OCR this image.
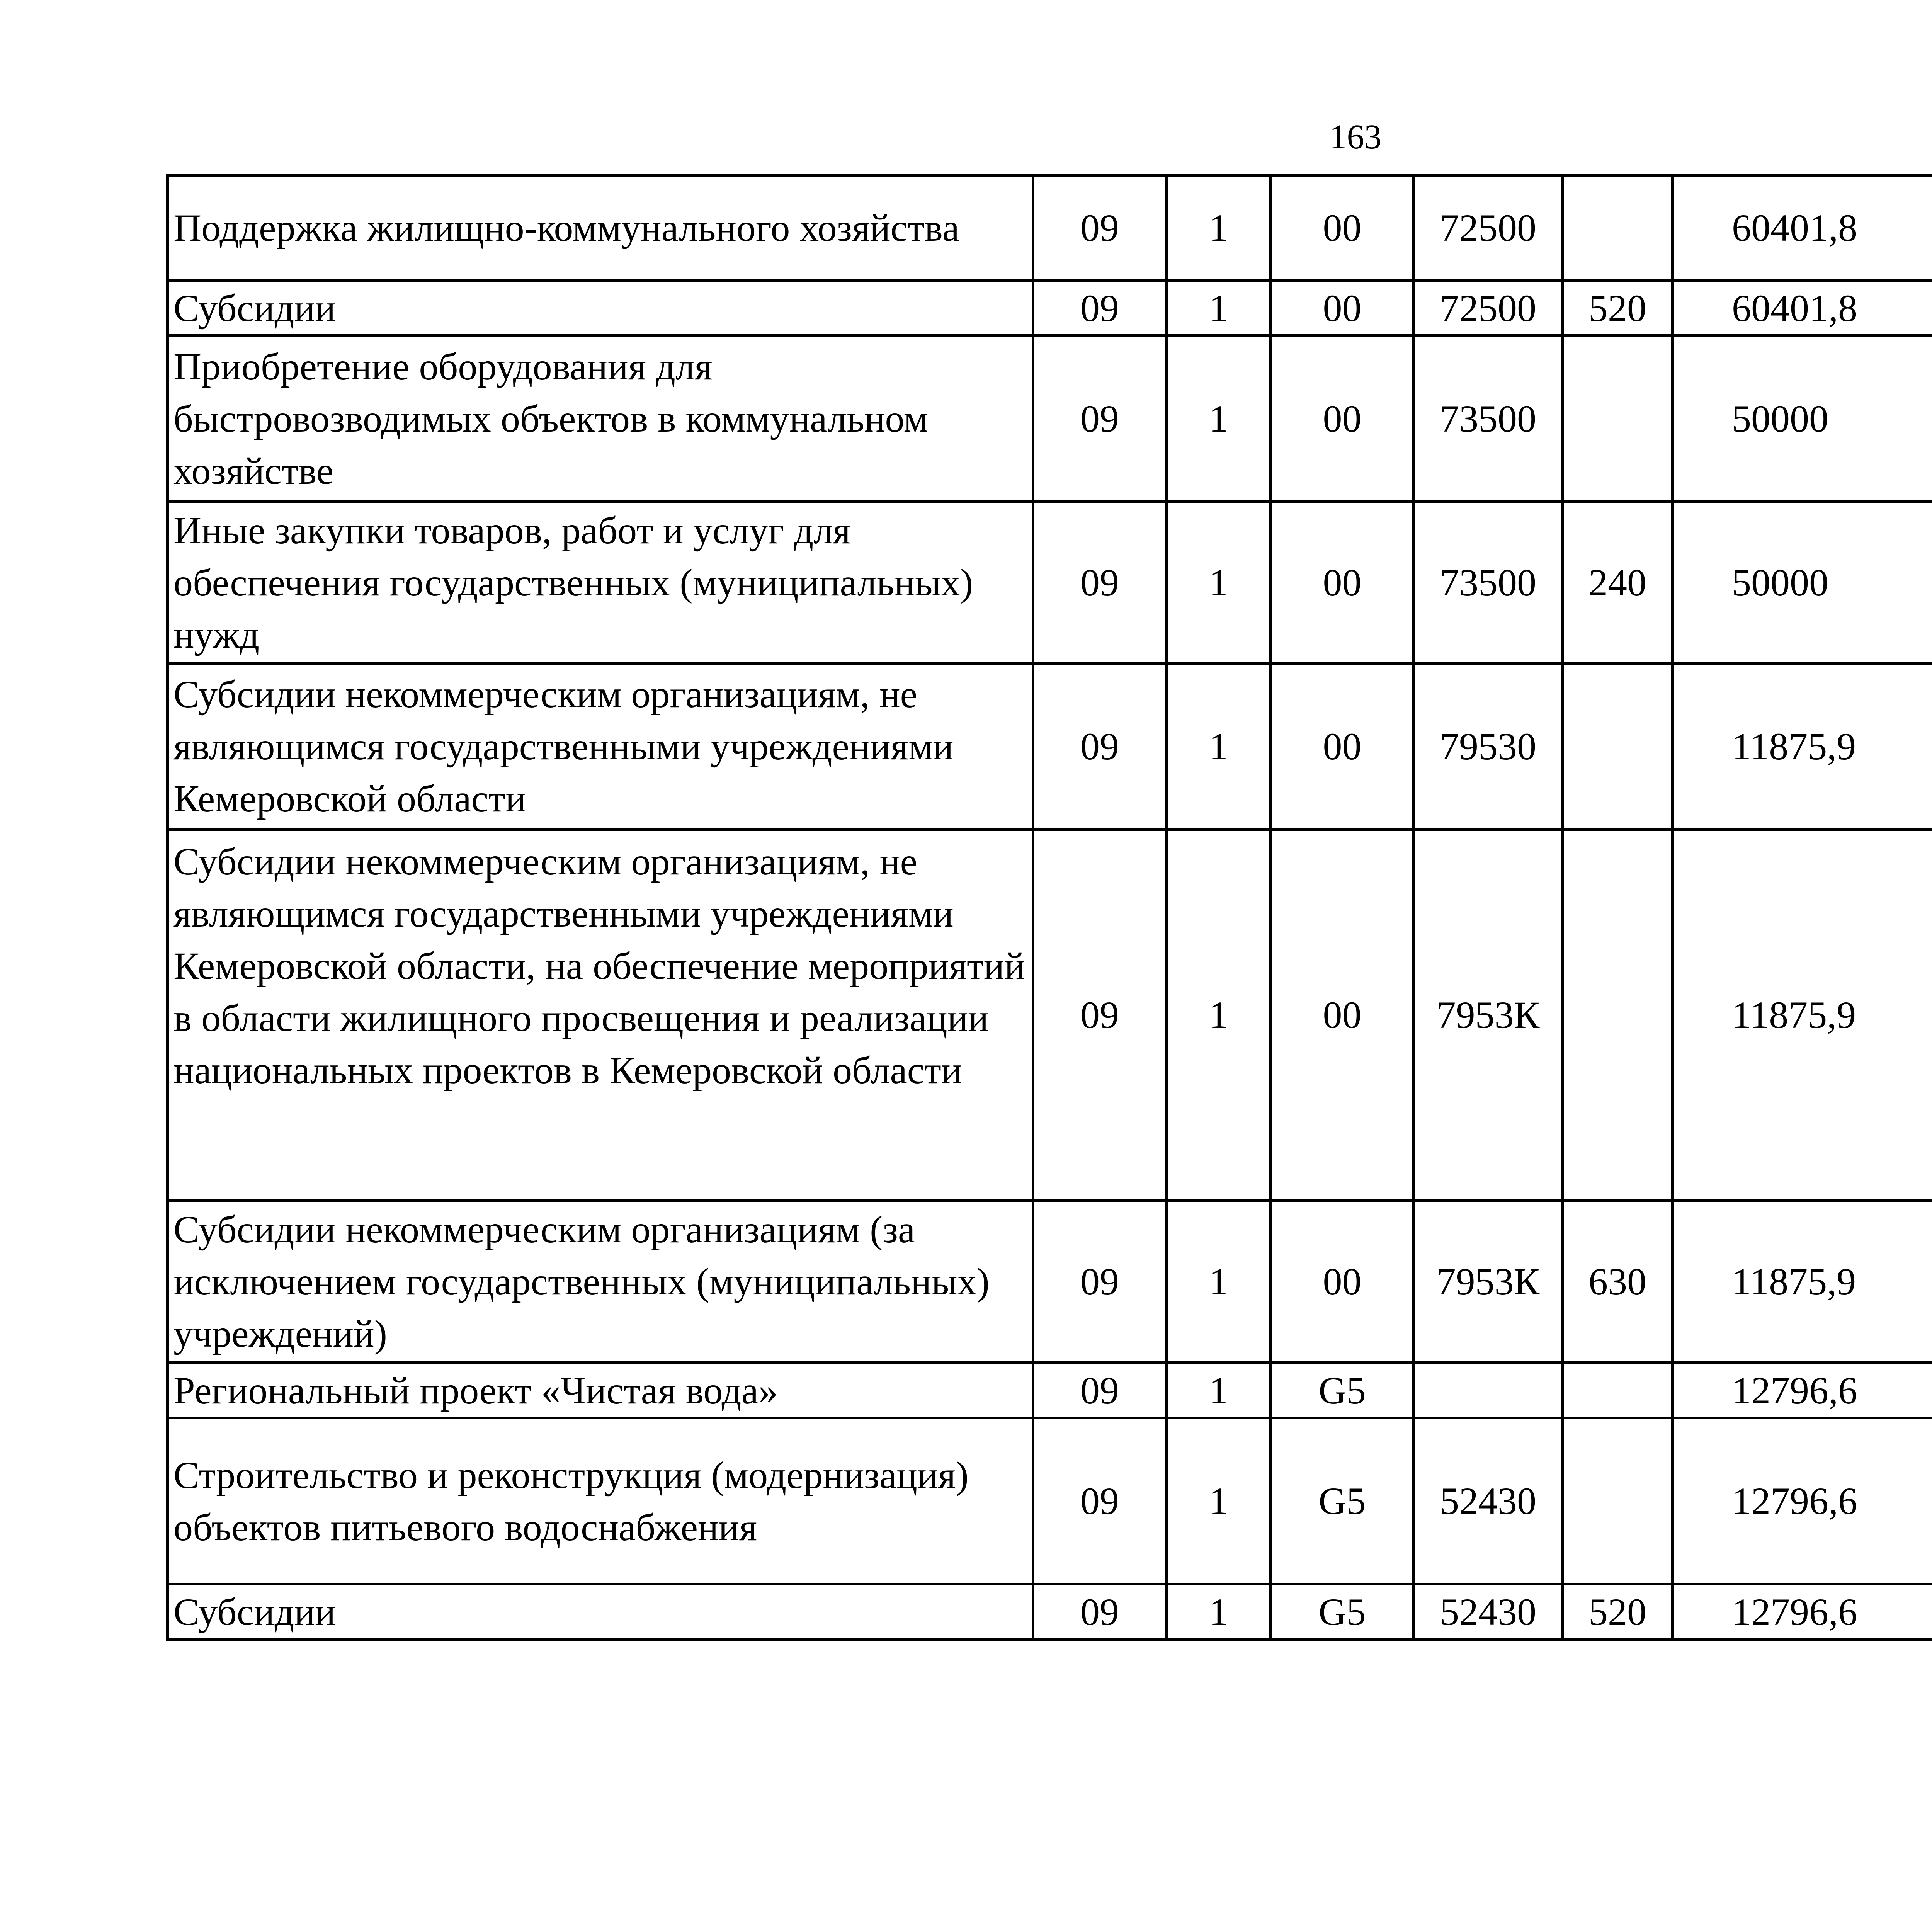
163
Поддержка жилищно-коммунального хозяйства	09	1	00	72500		60401,8		
Субсидии	09	1	00	72500	520	60401,8		
Приобретение оборудования для быстровозводимых объектов в коммунальном хозяйстве	09	1	00	73500		50000		
Иные закупки товаров, работ и услуг для обеспечения государственных (муниципальных) нужд	09	1	00	73500	240	50000		
Субсидии некоммерческим организациям, не являющимся государственными учреждениями Кемеровской области	09	1	00	79530		11875,9		
Субсидии некоммерческим организациям, не являющимся государственными учреждениями Кемеровской области, на обеспечение мероприятий в области жилищного просвещения и реализации национальных проектов в Кемеровской области	09	1	00	7953К		11875,9		
Субсидии некоммерческим организациям (за исключением государственных (муниципальных) учреждений)	09	1	00	7953К	630	11875,9		
Региональный проект «Чистая вода»	09	1	G5			12796,6		
Строительство и реконструкция (модернизация) объектов питьевого водоснабжения	09	1	G5	52430		12796,6		
Субсидии	09	1	G5	52430	520	12796,6		
